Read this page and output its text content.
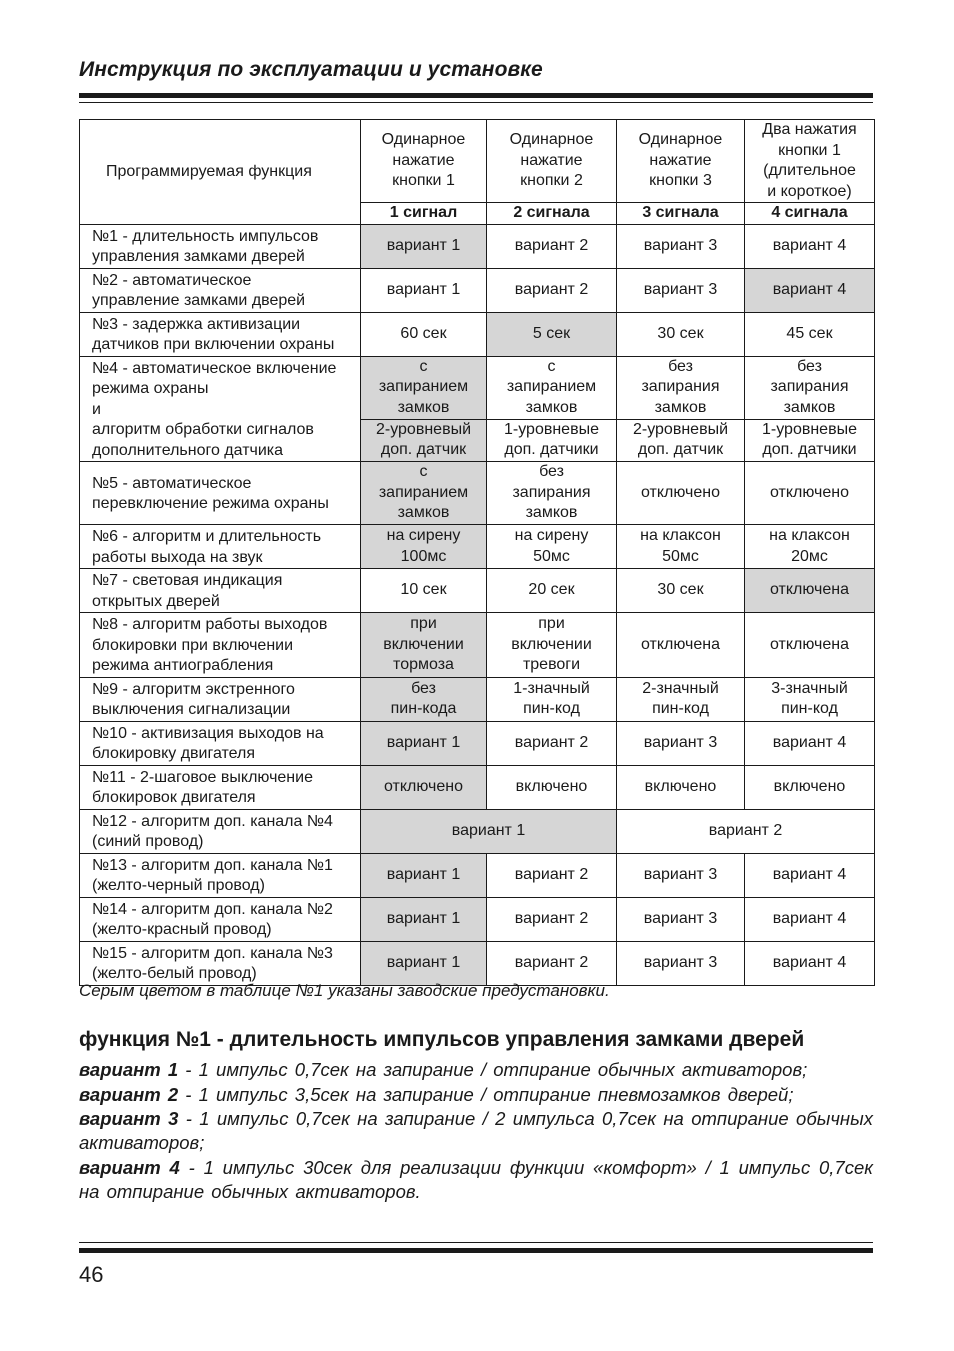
Инструкция по эксплуатации и установке
Программируемая функция	Одинарное
нажатие
кнопки 1	Одинарное
нажатие
кнопки 2	Одинарное
нажатие
кнопки 3	Два нажатия
кнопки 1
(длительное
и короткое)
	1 сигнал	2 сигнала	3 сигнала	4 сигнала
№1 - длительность импульсов
управления замками дверей	вариант 1	вариант 2	вариант 3	вариант 4
№2 - автоматическое
управление замками дверей	вариант 1	вариант 2	вариант 3	вариант 4
№3 - задержка активизации
датчиков при включении охраны	60 сек	5 сек	30 сек	45 сек
№4 - автоматическое включение
режима охраны
и
алгоритм обработки сигналов
дополнительного датчика	с
запиранием
замков	с
запиранием
замков	без
запирания
замков	без
запирания
замков
	2-уровневый
доп. датчик	1-уровневые
доп. датчики	2-уровневый
доп. датчик	1-уровневые
доп. датчики
№5 - автоматическое
перевключение режима охраны	с
запиранием
замков	без
запирания
замков	отключено	отключено
№6 - алгоритм и длительность
работы выхода на звук	на сирену
100мс	на сирену
50мс	на клаксон
50мс	на клаксон
20мс
№7 - световая индикация
открытых дверей	10 сек	20 сек	30 сек	отключена
№8 - алгоритм работы выходов
блокировки при включении
режима антиограбления	при
включении
тормоза	при
включении
тревоги	отключена	отключена
№9 - алгоритм экстренного
выключения сигнализации	без
пин-кода	1-значный
пин-код	2-значный
пин-код	3-значный
пин-код
№10 - активизация выходов на
блокировку двигателя	вариант 1	вариант 2	вариант 3	вариант 4
№11 - 2-шаговое выключение
блокировок двигателя	отключено	включено	включено	включено
№12 - алгоритм доп. канала №4
(синий провод)	вариант 1		вариант 2	
№13 - алгоритм доп. канала №1
(желто-черный провод)	вариант 1	вариант 2	вариант 3	вариант 4
№14 - алгоритм доп. канала №2
(желто-красный провод)	вариант 1	вариант 2	вариант 3	вариант 4
№15 - алгоритм доп. канала №3
(желто-белый провод)	вариант 1	вариант 2	вариант 3	вариант 4
Серым цветом в таблице №1 указаны заводские предустановки.
функция №1 - длительность импульсов управления замками дверей
вариант 1 - 1 импульс 0,7сек на запирание / отпирание обычных активаторов;
вариант 2 - 1 импульс 3,5сек на запирание / отпирание пневмозамков дверей;
вариант 3 - 1 импульс 0,7сек на запирание / 2 импульса 0,7сек на отпирание обычных активаторов;
вариант 4 - 1 импульс 30сек для реализации функции «комфорт» / 1 импульс 0,7сек на отпирание обычных активаторов.
46
